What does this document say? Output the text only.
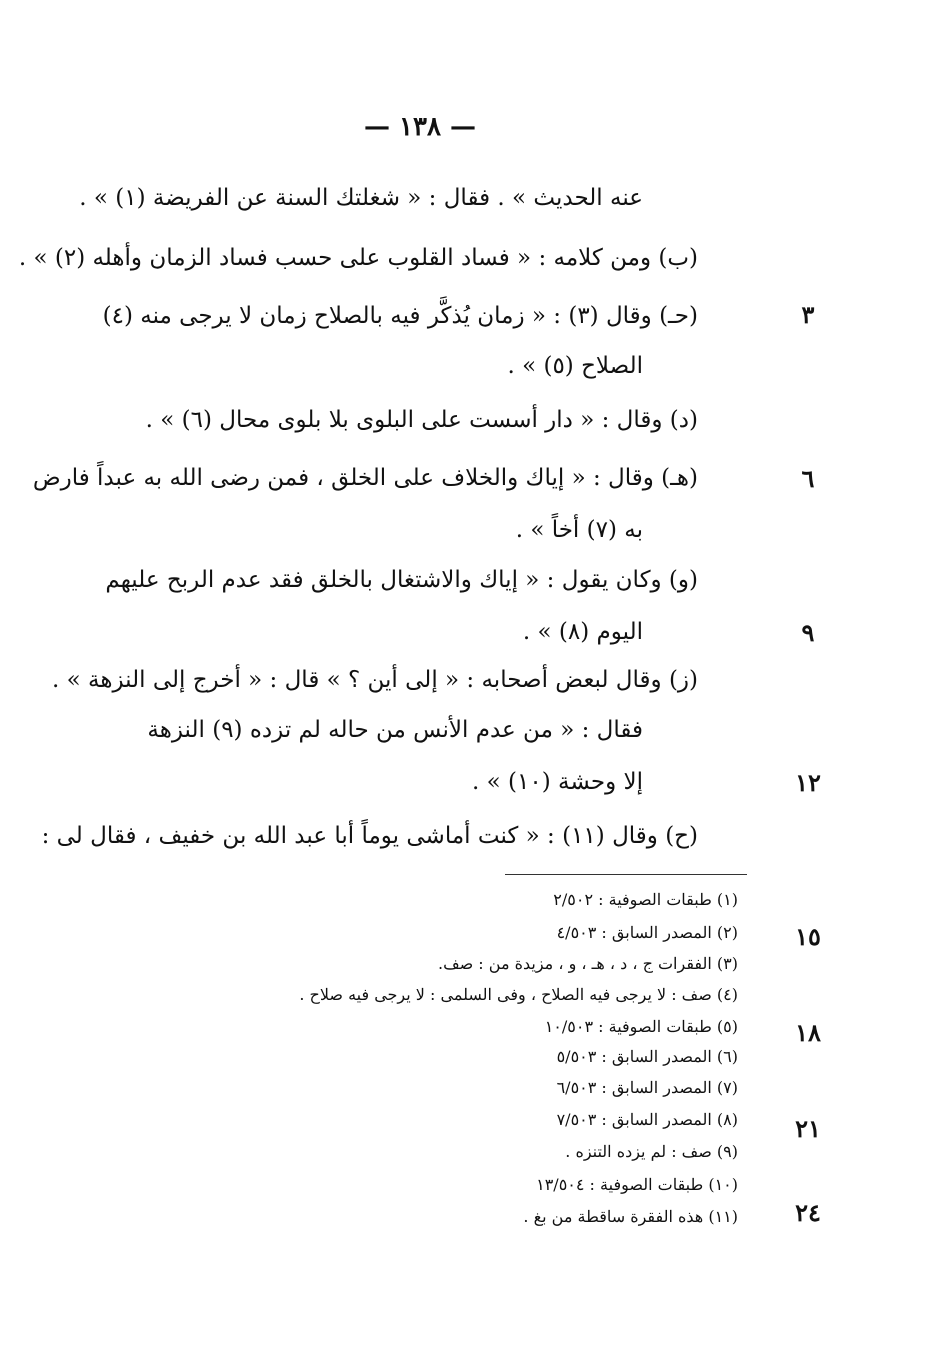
— ١٣٨ —
عنه الحديث » . فقال : « شغلتك السنة عن الفريضة (١) » .
(ب) ومن كلامه : « فساد القلوب على حسب فساد الزمان وأهله (٢) » .
(حـ) وقال (٣) : « زمان يُذكَّر فيه بالصلاح زمان لا يرجى منه (٤)
الصلاح (٥) » .
(د) وقال : « دار أسست على البلوى بلا بلوى محال (٦) » .
(هـ) وقال : « إياك والخلاف على الخلق ، فمن رضى الله به عبداً فارض
به (٧) أخاً » .
(و) وكان يقول : « إياك والاشتغال بالخلق فقد عدم الربح عليهم
اليوم (٨) » .
(ز) وقال لبعض أصحابه : « إلى أين ؟ » قال : « أخرج إلى النزهة » .
فقال : « من عدم الأنس من حاله لم تزده (٩) النزهة
إلا وحشة (١٠) » .
(ح) وقال (١١) : « كنت أماشى يوماً أبا عبد الله بن خفيف ، فقال لى :
٣
٦
٩
١٢
١٥
١٨
٢١
٢٤
(١) طبقات الصوفية : ٢/٥٠٢
(٢) المصدر السابق : ٤/٥٠٣
(٣) الفقرات ج ، د ، هـ ، و ، مزيدة من : صف.
(٤) صف : لا يرجى فيه الصلاح ، وفى السلمى : لا يرجى فيه صلاح .
(٥) طبقات الصوفية : ١٠/٥٠٣
(٦) المصدر السابق : ٥/٥٠٣
(٧) المصدر السابق : ٦/٥٠٣
(٨) المصدر السابق : ٧/٥٠٣
(٩) صف : لم يزده التنزه .
(١٠) طبقات الصوفية : ١٣/٥٠٤
(١١) هذه الفقرة ساقطة من بغ .
